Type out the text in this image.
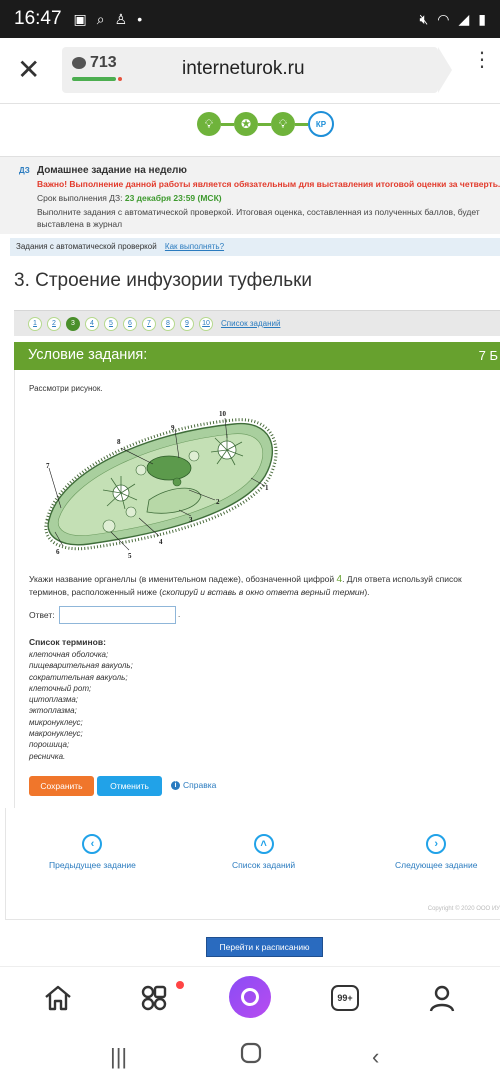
16:47 ▣ ⌕ ♙ •	🔇︎ ◠ ◢ ▮
✕	713	interneturok.ru	⋮
💡︎	✪	💡︎	КР
ДЗ Домашнее задание на неделю
Важно! Выполнение данной работы является обязательным для выставления итоговой оценки за четверть.
Срок выполнения ДЗ: 23 декабря 23:59 (МСК)
Выполните задания с автоматической проверкой. Итоговая оценка, составленная из полученных баллов, будет выставлена в журнал
Задания с автоматической проверкой Как выполнять?
3. Строение инфузории туфельки
1	2	3	4	5	6	7	8	9	10	Список заданий
Условие задания:	7 Б
Рассмотри рисунок.
1
2
3
4
5
6
7
8
9
10
Укажи название органеллы (в именительном падеже), обозначенной цифрой 4. Для ответа используй список терминов, расположенный ниже (скопируй и вставь в окно ответа верный термин).
Ответ:	.
Список терминов:
клеточная оболочка;
пищеварительная вакуоль;
сократительная вакуоль;
клеточный рот;
цитоплазма;
эктоплазма;
микронуклеус;
макронуклеус;
порошица;
ресничка.
Сохранить	Отменить	i Справка
‹
Предыдущее задание
˄
Список заданий
›
Следующее задание
Copyright © 2020 ООО ИУ
Перейти к расписанию
99+
|||	‹
